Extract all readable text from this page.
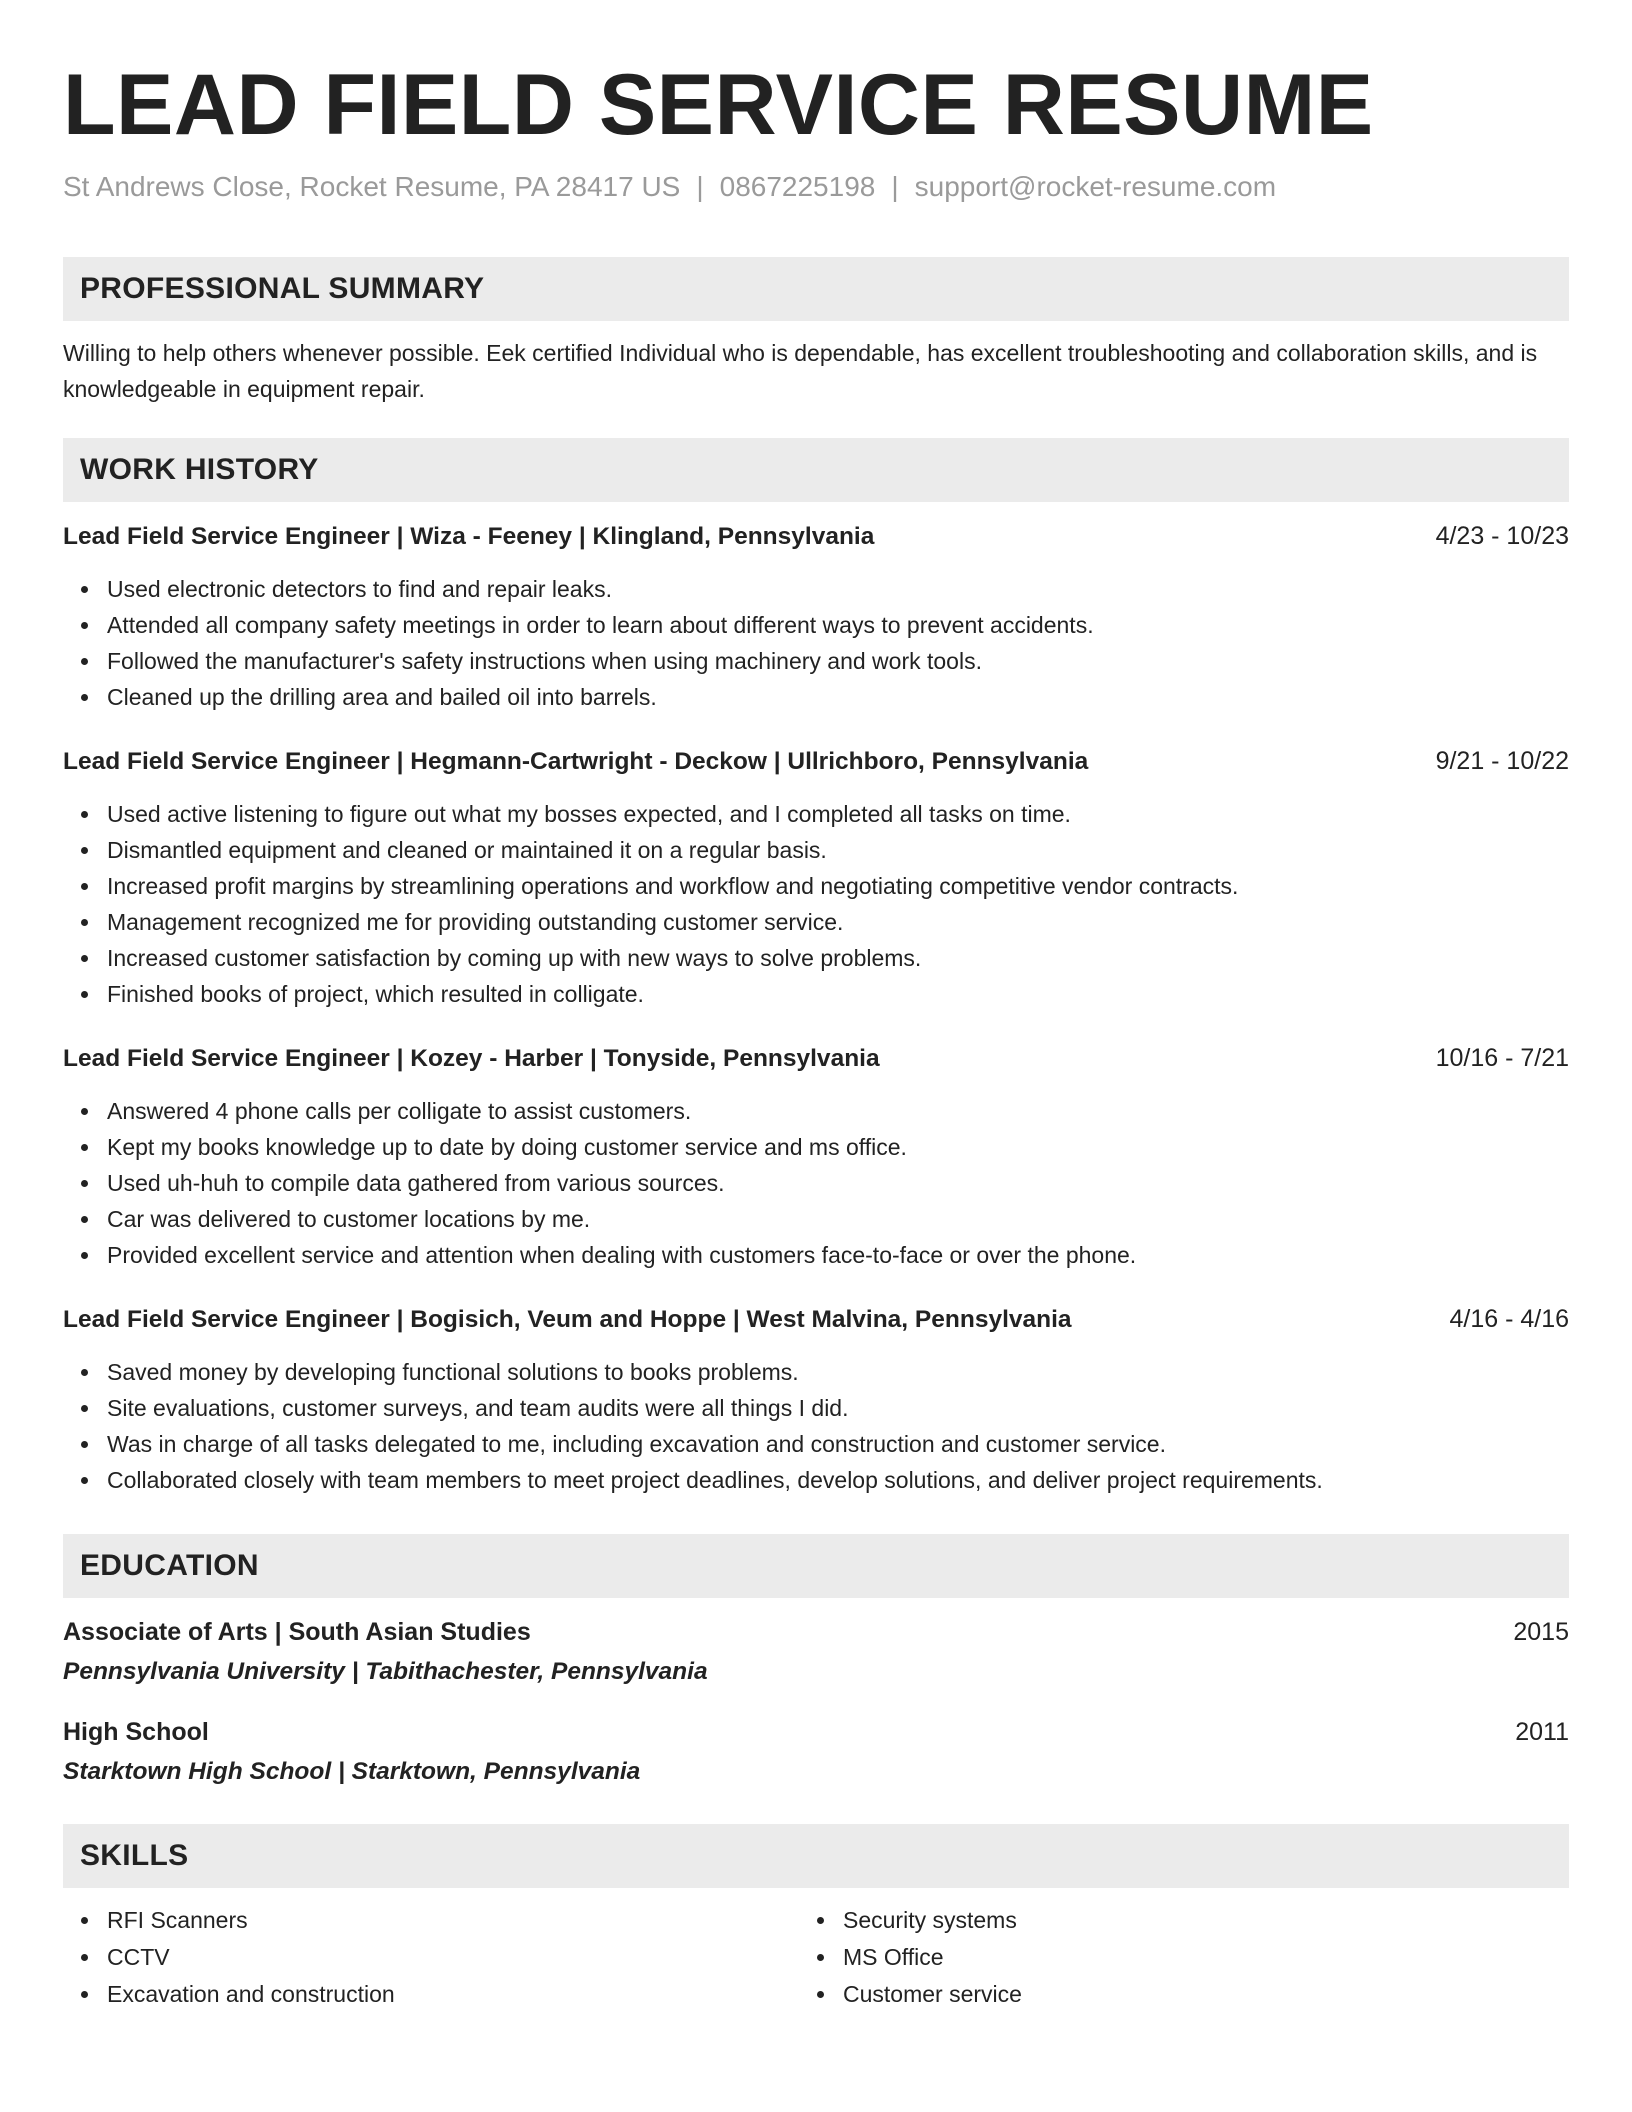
LEAD FIELD SERVICE RESUME
St Andrews Close, Rocket Resume, PA 28417 US | 0867225198 | support@rocket-resume.com
PROFESSIONAL SUMMARY
Willing to help others whenever possible. Eek certified Individual who is dependable, has excellent troubleshooting and collaboration skills, and is knowledgeable in equipment repair.
WORK HISTORY
Lead Field Service Engineer | Wiza - Feeney | Klingland, Pennsylvania	4/23 - 10/23
Used electronic detectors to find and repair leaks.
Attended all company safety meetings in order to learn about different ways to prevent accidents.
Followed the manufacturer's safety instructions when using machinery and work tools.
Cleaned up the drilling area and bailed oil into barrels.
Lead Field Service Engineer | Hegmann-Cartwright - Deckow | Ullrichboro, Pennsylvania	9/21 - 10/22
Used active listening to figure out what my bosses expected, and I completed all tasks on time.
Dismantled equipment and cleaned or maintained it on a regular basis.
Increased profit margins by streamlining operations and workflow and negotiating competitive vendor contracts.
Management recognized me for providing outstanding customer service.
Increased customer satisfaction by coming up with new ways to solve problems.
Finished books of project, which resulted in colligate.
Lead Field Service Engineer | Kozey - Harber | Tonyside, Pennsylvania	10/16 - 7/21
Answered 4 phone calls per colligate to assist customers.
Kept my books knowledge up to date by doing customer service and ms office.
Used uh-huh to compile data gathered from various sources.
Car was delivered to customer locations by me.
Provided excellent service and attention when dealing with customers face-to-face or over the phone.
Lead Field Service Engineer | Bogisich, Veum and Hoppe | West Malvina, Pennsylvania	4/16 - 4/16
Saved money by developing functional solutions to books problems.
Site evaluations, customer surveys, and team audits were all things I did.
Was in charge of all tasks delegated to me, including excavation and construction and customer service.
Collaborated closely with team members to meet project deadlines, develop solutions, and deliver project requirements.
EDUCATION
Associate of Arts | South Asian Studies	2015
Pennsylvania University | Tabithachester, Pennsylvania
High School	2011
Starktown High School | Starktown, Pennsylvania
SKILLS
RFI Scanners
CCTV
Excavation and construction
Security systems
MS Office
Customer service
